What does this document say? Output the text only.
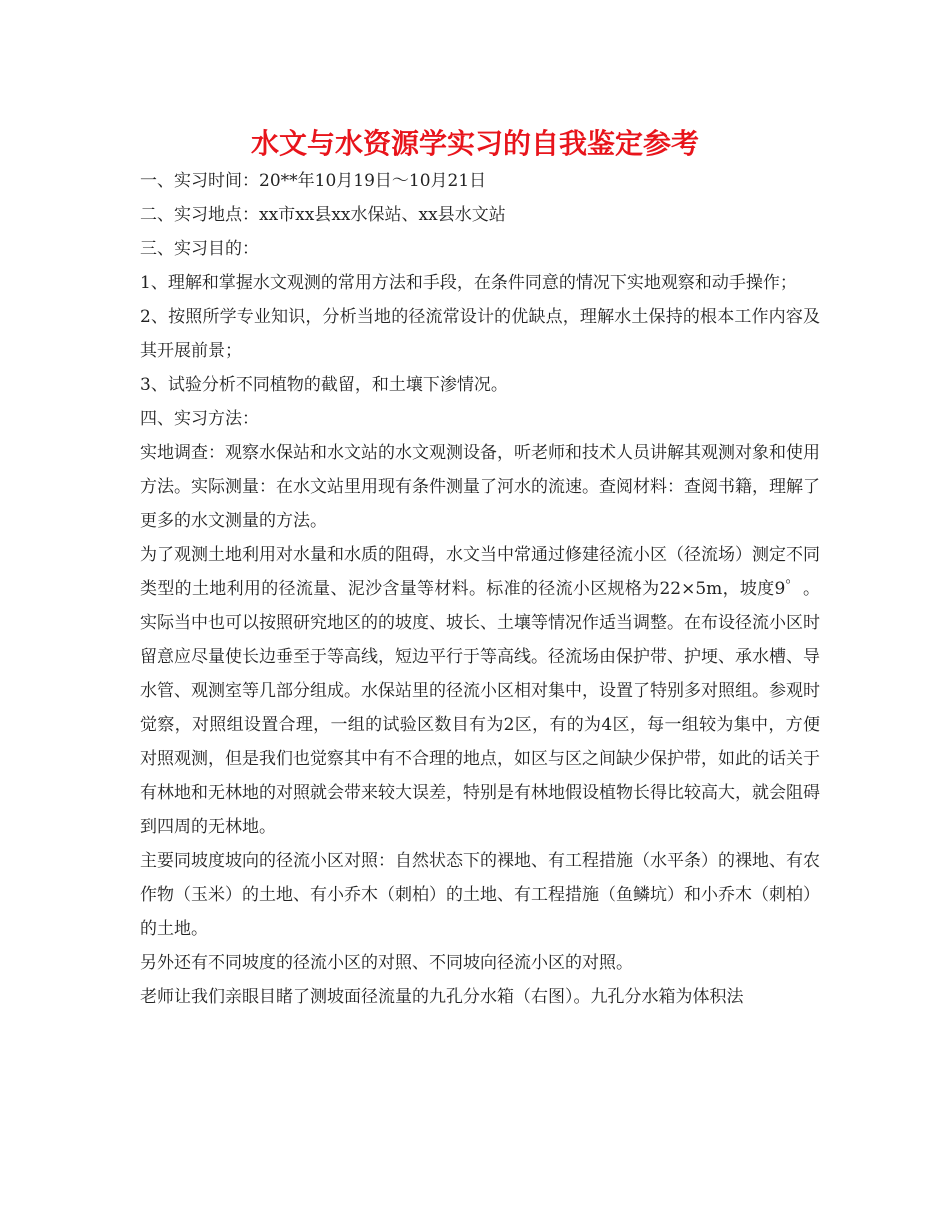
水文与水资源学实习的自我鉴定参考

一、实习时间：20**年10月19日～10月21日

二、实习地点：xx市xx县xx水保站、xx县水文站

三、实习目的：

1、理解和掌握水文观测的常用方法和手段，在条件同意的情况下实地观察和动手操作；

2、按照所学专业知识，分析当地的径流常设计的优缺点，理解水土保持的根本工作内容及其开展前景；

3、试验分析不同植物的截留，和土壤下渗情况。

四、实习方法：

实地调查：观察水保站和水文站的水文观测设备，听老师和技术人员讲解其观测对象和使用方法。实际测量：在水文站里用现有条件测量了河水的流速。查阅材料：查阅书籍，理解了更多的水文测量的方法。

为了观测土地利用对水量和水质的阻碍，水文当中常通过修建径流小区（径流场）测定不同类型的土地利用的径流量、泥沙含量等材料。标准的径流小区规格为22×5m，坡度9゜。实际当中也可以按照研究地区的的坡度、坡长、土壤等情况作适当调整。在布设径流小区时留意应尽量使长边垂至于等高线，短边平行于等高线。径流场由保护带、护埂、承水槽、导水管、观测室等几部分组成。水保站里的径流小区相对集中，设置了特别多对照组。参观时觉察，对照组设置合理，一组的试验区数目有为2区，有的为4区，每一组较为集中，方便对照观测，但是我们也觉察其中有不合理的地点，如区与区之间缺少保护带，如此的话关于有林地和无林地的对照就会带来较大误差，特别是有林地假设植物长得比较高大，就会阻碍到四周的无林地。

主要同坡度坡向的径流小区对照：自然状态下的裸地、有工程措施（水平条）的裸地、有农作物（玉米）的土地、有小乔木（刺柏）的土地、有工程措施（鱼鳞坑）和小乔木（刺柏）的土地。

另外还有不同坡度的径流小区的对照、不同坡向径流小区的对照。

老师让我们亲眼目睹了测坡面径流量的九孔分水箱（右图）。九孔分水箱为体积法
